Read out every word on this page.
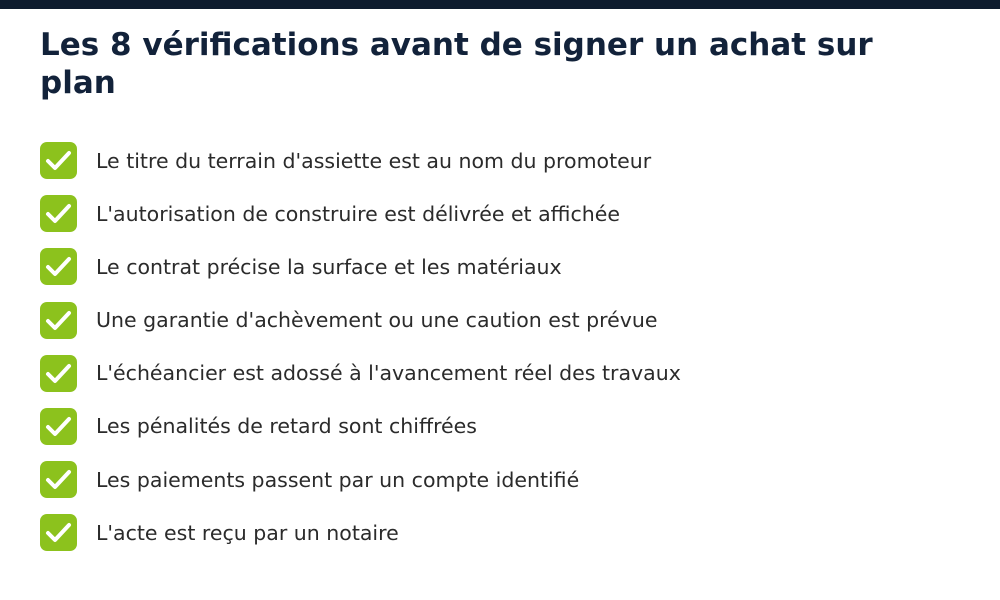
Les 8 vérifications avant de signer un achat sur plan
Le titre du terrain d'assiette est au nom du promoteur
L'autorisation de construire est délivrée et affichée
Le contrat précise la surface et les matériaux
Une garantie d'achèvement ou une caution est prévue
L'échéancier est adossé à l'avancement réel des travaux
Les pénalités de retard sont chiffrées
Les paiements passent par un compte identifié
L'acte est reçu par un notaire
